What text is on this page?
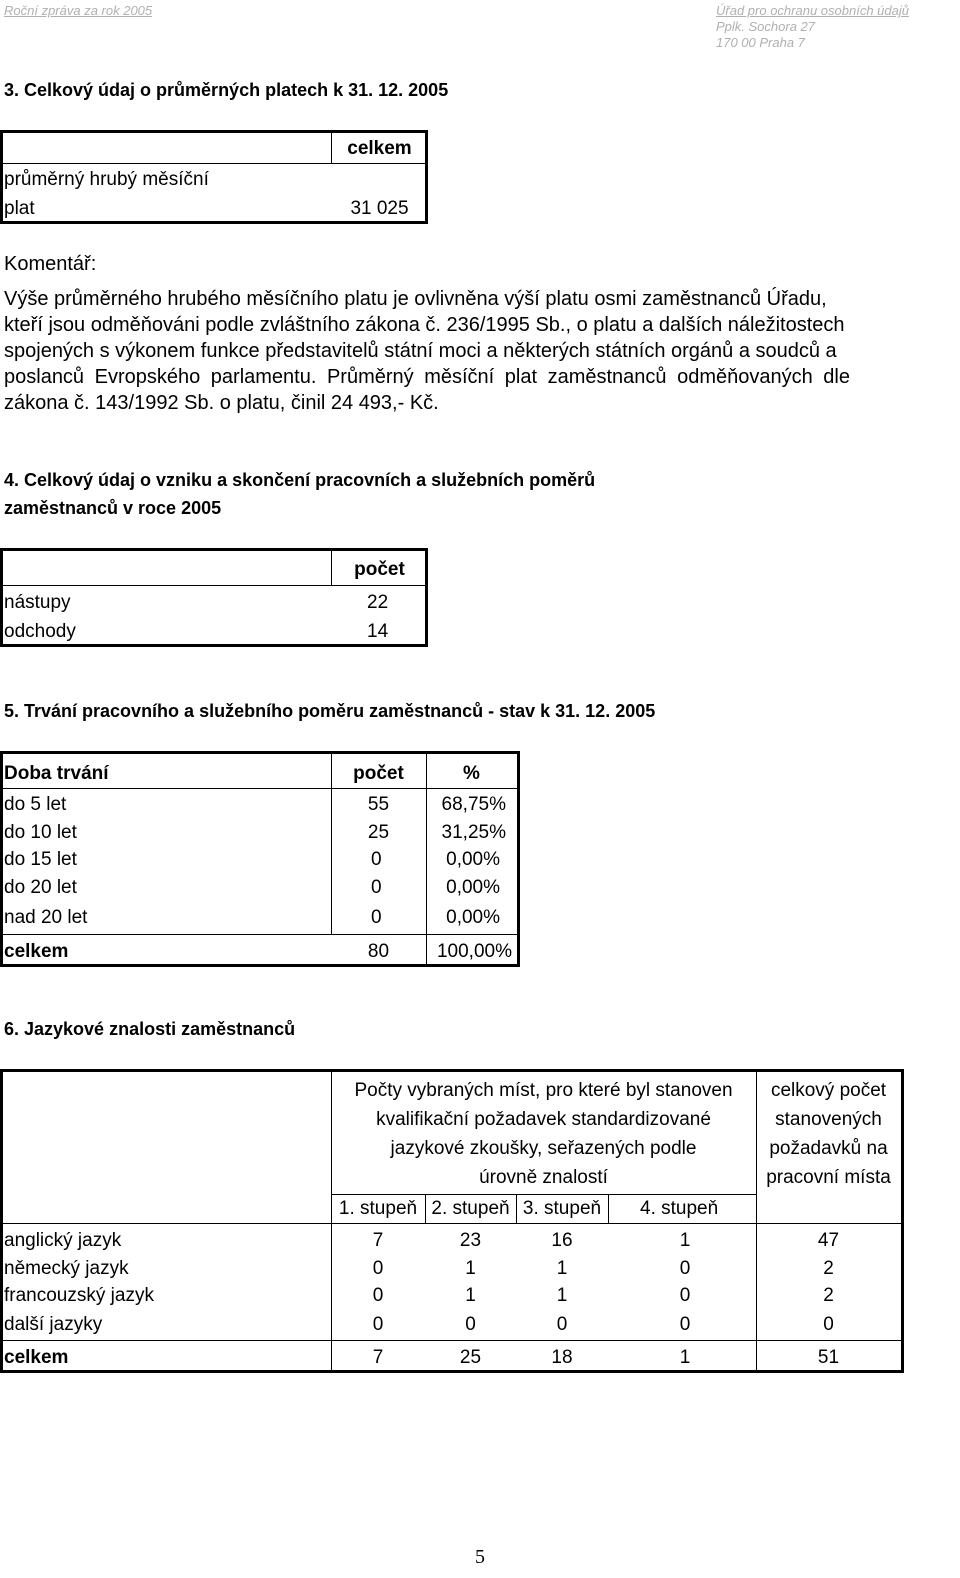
Roční zpráva za rok 2005	Úřad pro ochranu osobních údajů
Pplk. Sochora 27
170 00 Praha 7
3. Celkový údaj o průměrných platech k 31. 12. 2005
celkem
průměrný hrubý měsíční
plat	31 025
Komentář:
Výše průměrného hrubého měsíčního platu je ovlivněna výší platu osmi zaměstnanců Úřadu,
kteří jsou odměňováni podle zvláštního zákona č. 236/1995 Sb., o platu a dalších náležitostech
spojených s výkonem funkce představitelů státní moci a některých státních orgánů a soudců a
poslanců Evropského parlamentu. Průměrný měsíční plat zaměstnanců odměňovaných dle
zákona č. 143/1992 Sb. o platu, činil 24 493,- Kč.
4. Celkový údaj o vzniku a skončení pracovních a služebních poměrů
zaměstnanců v roce 2005
počet
nástupy	22
odchody	14
5. Trvání pracovního a služebního poměru zaměstnanců - stav k 31. 12. 2005
Doba trvání	počet	%
do 5 let	55	68,75%
do 10 let	25	31,25%
do 15 let	0	0,00%
do 20 let	0	0,00%
nad 20 let	0	0,00%
celkem	80	100,00%
6. Jazykové znalosti zaměstnanců
Počty vybraných míst, pro které byl stanoven
kvalifikační požadavek standardizované
jazykové zkoušky, seřazených podle
úrovně znalostí
celkový počet
stanovených
požadavků na
pracovní místa
1. stupeň 2. stupeň 3. stupeň	4. stupeň
anglický jazyk	7	23	16	1	47
německý jazyk	0	1	1	0	2
francouzský jazyk	0	1	1	0	2
další jazyky	0	0	0	0	0
celkem	7	25	18	1	51
5
